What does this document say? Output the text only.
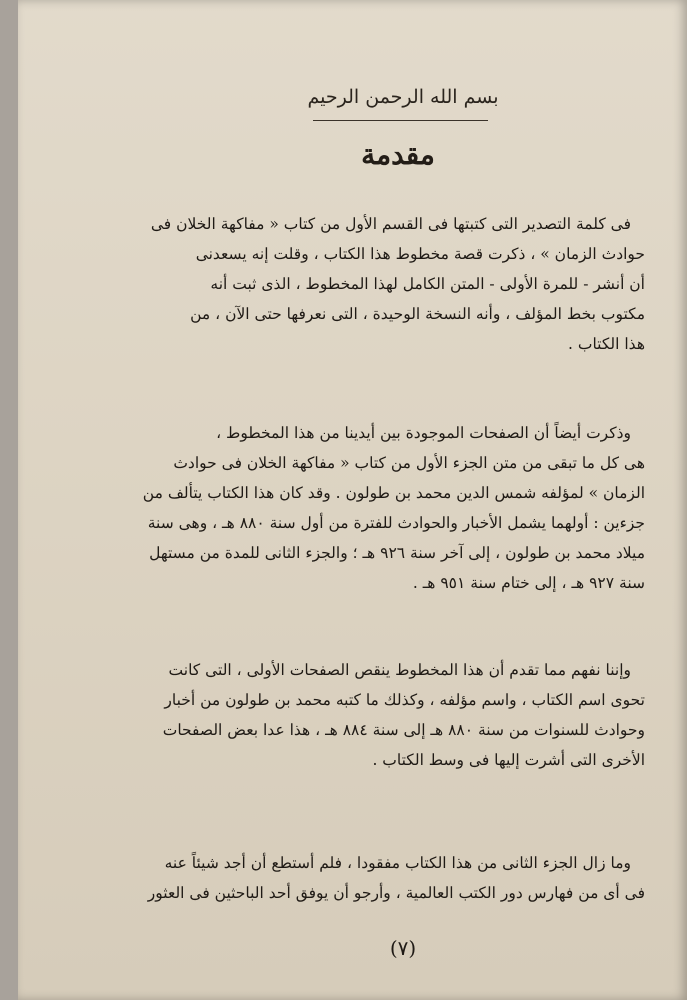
بسم الله الرحمن الرحيم
مقدمة
فى كلمة التصدير التى كتبتها فى القسم الأول من كتاب « مفاكهة الخلان فى
حوادث الزمان » ، ذكرت قصة مخطوط هذا الكتاب ، وقلت إنه يسعدنى
أن أنشر - للمرة الأولى - المتن الكامل لهذا المخطوط ، الذى ثبت أنه
مكتوب بخط المؤلف ، وأنه النسخة الوحيدة ، التى نعرفها حتى الآن ، من
هذا الكتاب .
وذكرت أيضاً أن الصفحات الموجودة بين أيدينا من هذا المخطوط ،
هى كل ما تبقى من متن الجزء الأول من كتاب « مفاكهة الخلان فى حوادث
الزمان » لمؤلفه شمس الدين محمد بن طولون . وقد كان هذا الكتاب يتألف من
جزءين : أولهما يشمل الأخبار والحوادث للفترة من أول سنة ٨٨٠ هـ ، وهى سنة
ميلاد محمد بن طولون ، إلى آخر سنة ٩٢٦ هـ ؛ والجزء الثانى للمدة من مستهل
سنة ٩٢٧ هـ ، إلى ختام سنة ٩٥١ هـ .
وإننا نفهم مما تقدم أن هذا المخطوط ينقص الصفحات الأولى ، التى كانت
تحوى اسم الكتاب ، واسم مؤلفه ، وكذلك ما كتبه محمد بن طولون من أخبار
وحوادث للسنوات من سنة ٨٨٠ هـ إلى سنة ٨٨٤ هـ ، هذا عدا بعض الصفحات
الأخرى التى أشرت إليها فى وسط الكتاب .
وما زال الجزء الثانى من هذا الكتاب مفقودا ، فلم أستطع أن أجد شيئاً عنه
فى أى من فهارس دور الكتب العالمية ، وأرجو أن يوفق أحد الباحثين فى العثور
(٧)
